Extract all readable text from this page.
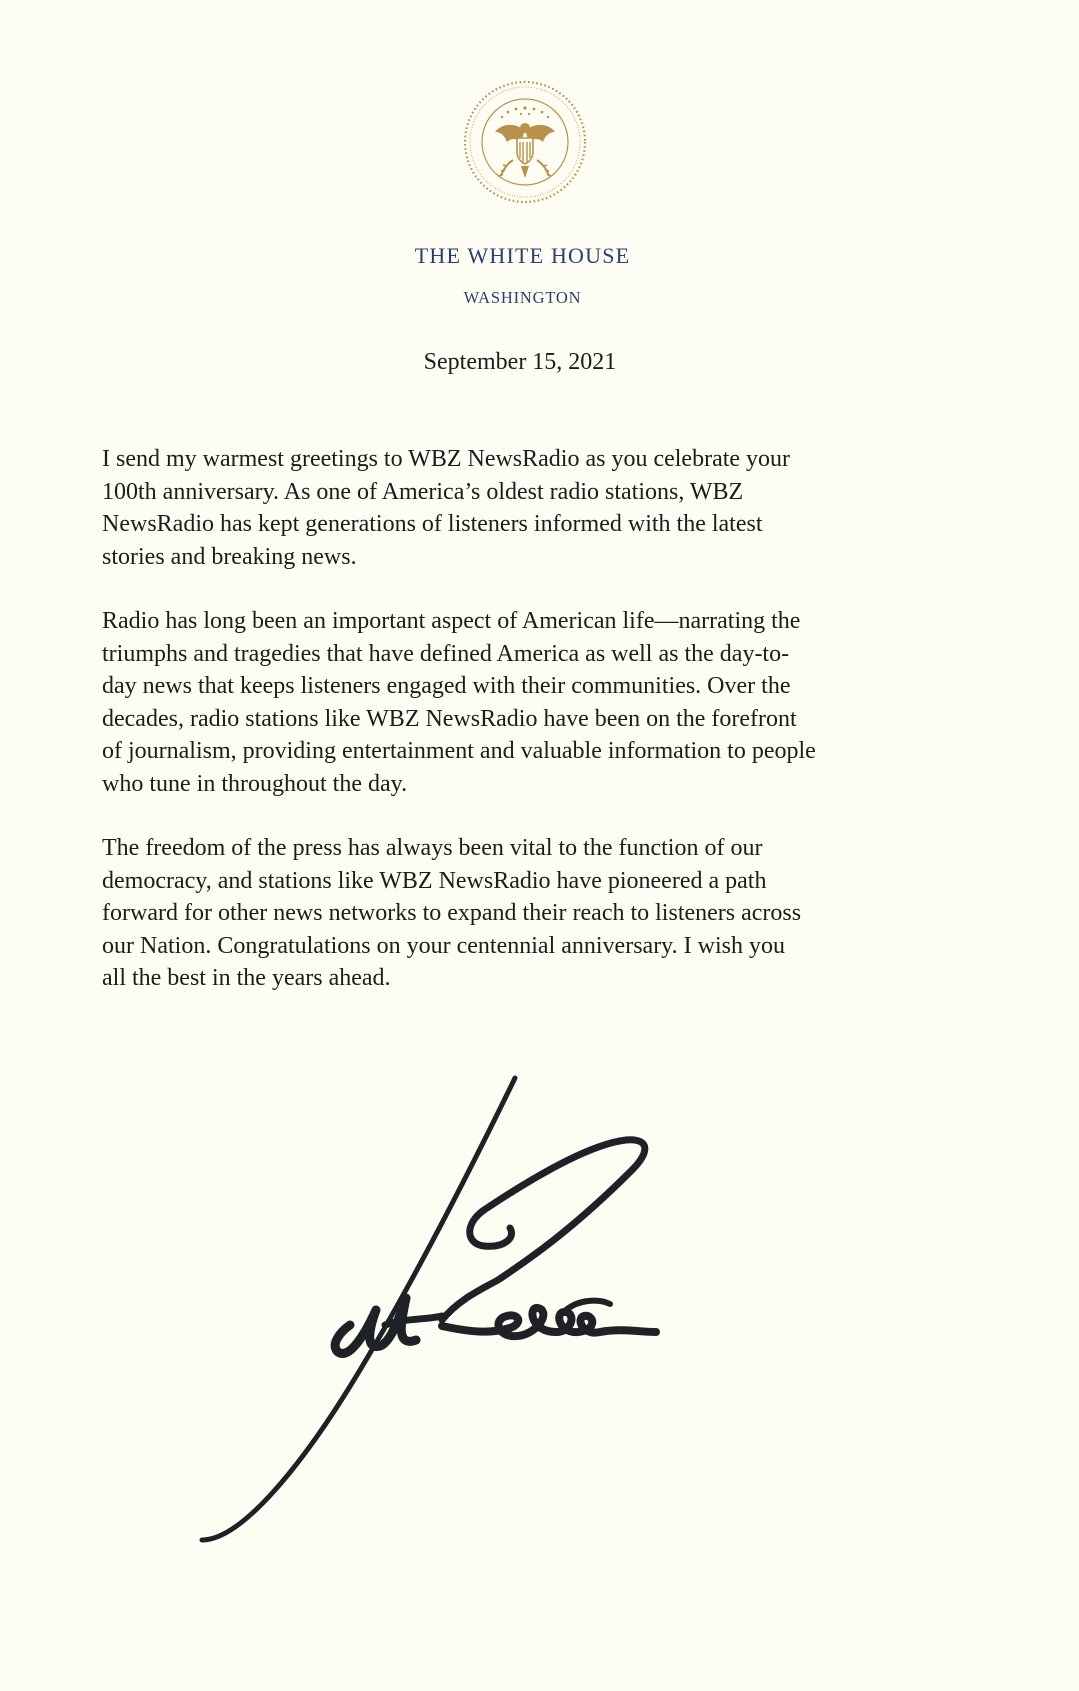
THE WHITE HOUSE
WASHINGTON
September 15, 2021

I send my warmest greetings to WBZ NewsRadio as you celebrate your
100th anniversary. As one of America’s oldest radio stations, WBZ
NewsRadio has kept generations of listeners informed with the latest
stories and breaking news.

Radio has long been an important aspect of American life—narrating the
triumphs and tragedies that have defined America as well as the day-to-
day news that keeps listeners engaged with their communities. Over the
decades, radio stations like WBZ NewsRadio have been on the forefront
of journalism, providing entertainment and valuable information to people
who tune in throughout the day.

The freedom of the press has always been vital to the function of our
democracy, and stations like WBZ NewsRadio have pioneered a path
forward for other news networks to expand their reach to listeners across
our Nation. Congratulations on your centennial anniversary. I wish you
all the best in the years ahead.
